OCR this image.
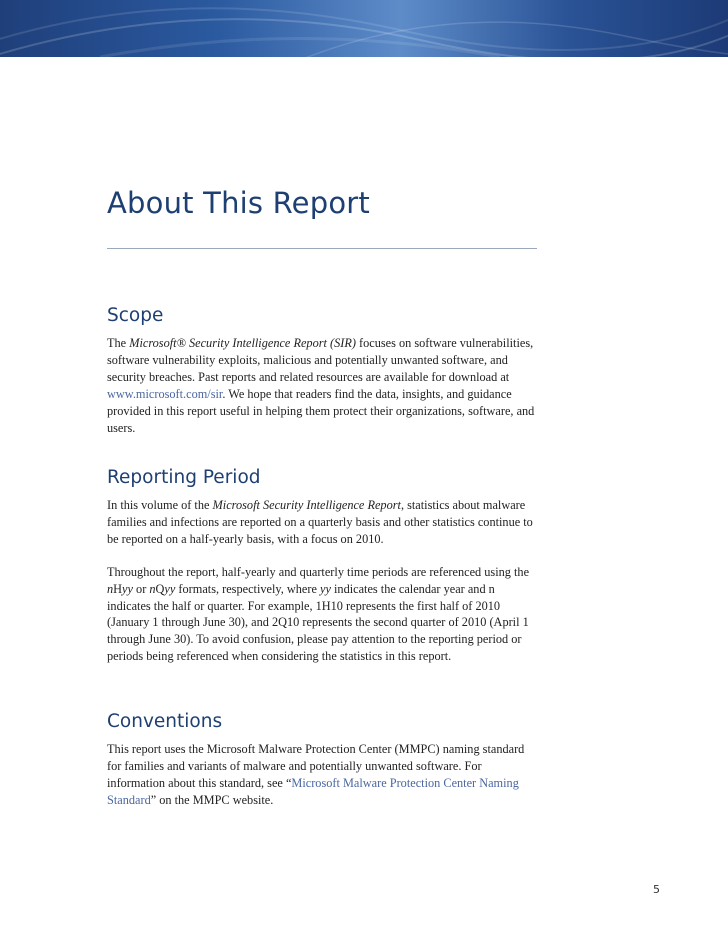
About This Report
Scope

The Microsoft® Security Intelligence Report (SIR) focuses on software vulnerabilities, software vulnerability exploits, malicious and potentially unwanted software, and security breaches. Past reports and related resources are available for download at www.microsoft.com/sir. We hope that readers find the data, insights, and guidance provided in this report useful in helping them protect their organizations, software, and users.

Reporting Period

In this volume of the Microsoft Security Intelligence Report, statistics about malware families and infections are reported on a quarterly basis and other statistics continue to be reported on a half-yearly basis, with a focus on 2010.

Throughout the report, half-yearly and quarterly time periods are referenced using the nHyy or nQyy formats, respectively, where yy indicates the calendar year and n indicates the half or quarter. For example, 1H10 represents the first half of 2010 (January 1 through June 30), and 2Q10 represents the second quarter of 2010 (April 1 through June 30). To avoid confusion, please pay attention to the reporting period or periods being referenced when considering the statistics in this report.

Conventions

This report uses the Microsoft Malware Protection Center (MMPC) naming standard for families and variants of malware and potentially unwanted software. For information about this standard, see “Microsoft Malware Protection Center Naming Standard” on the MMPC website.

5
